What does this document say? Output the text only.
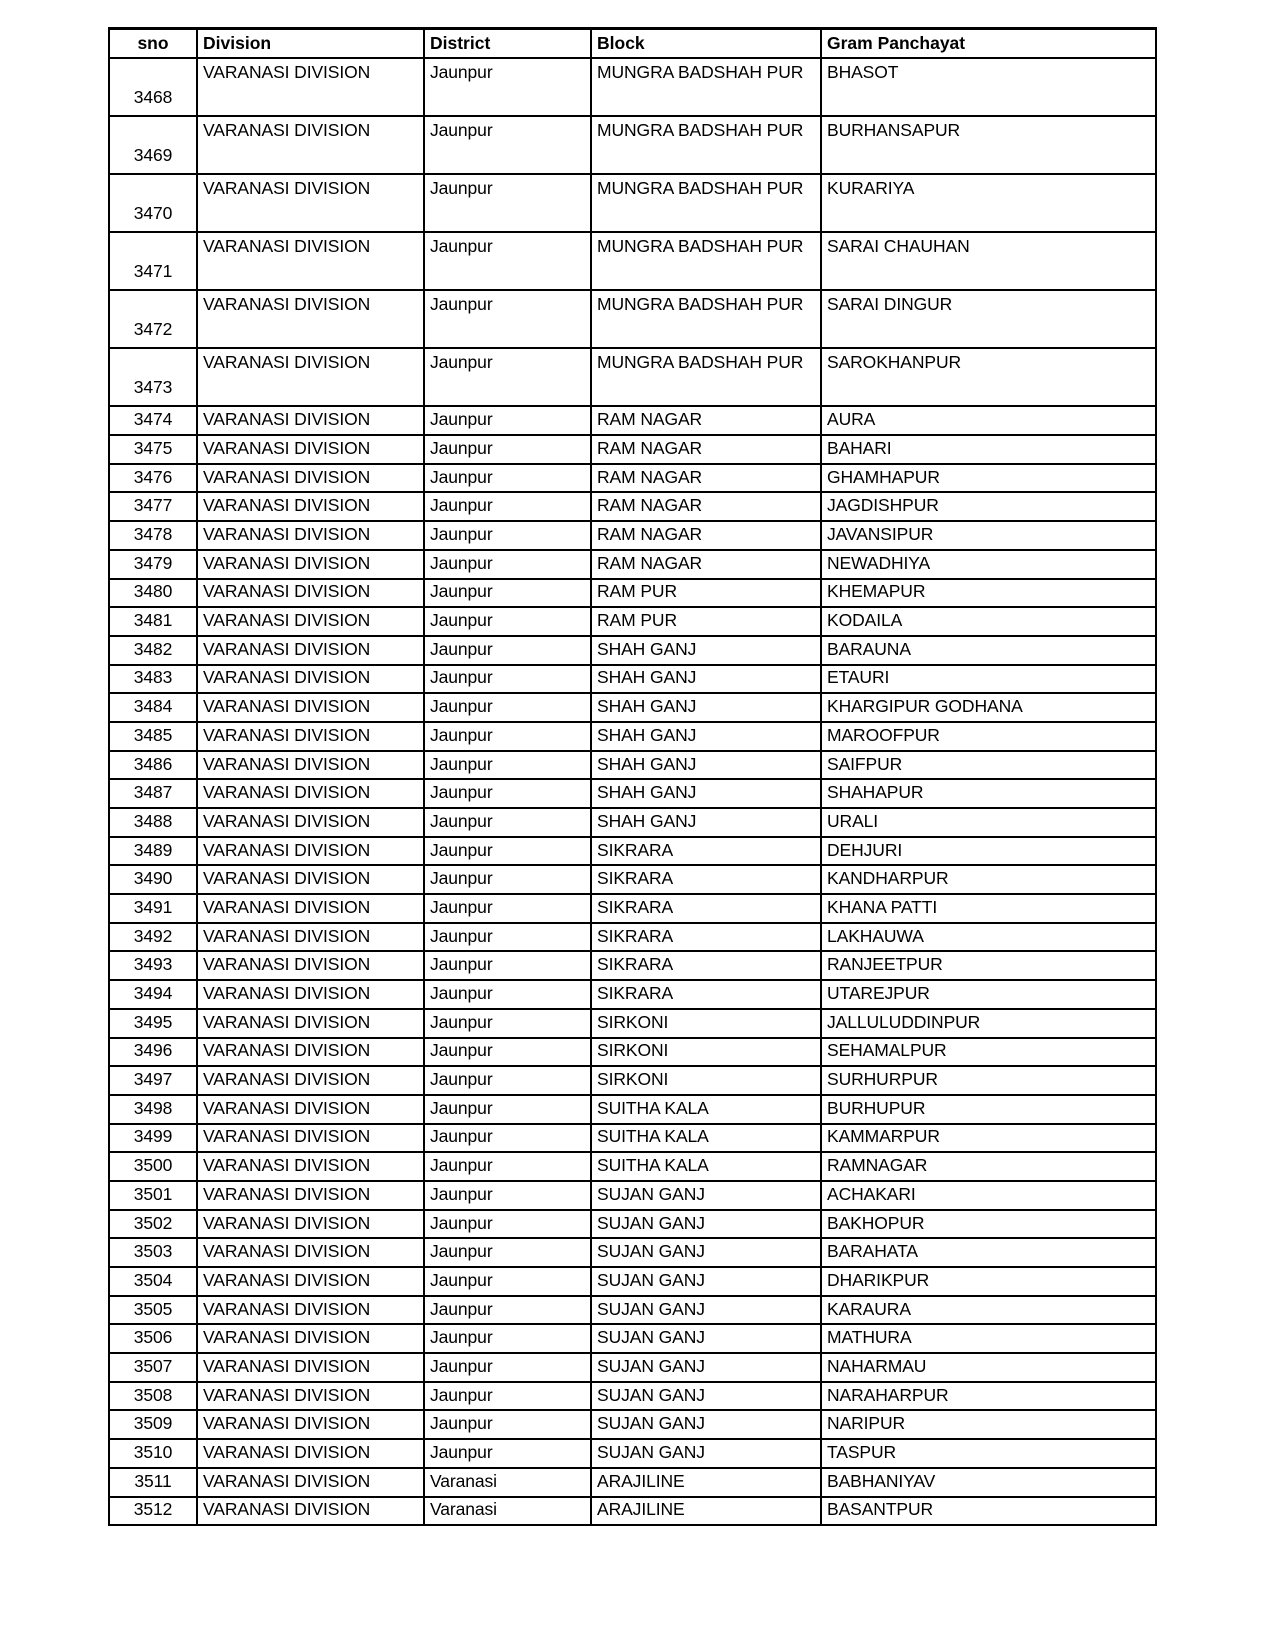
sno	Division	District	Block	Gram Panchayat
3468	VARANASI DIVISION	Jaunpur	MUNGRA BADSHAH PUR	BHASOT
3469	VARANASI DIVISION	Jaunpur	MUNGRA BADSHAH PUR	BURHANSAPUR
3470	VARANASI DIVISION	Jaunpur	MUNGRA BADSHAH PUR	KURARIYA
3471	VARANASI DIVISION	Jaunpur	MUNGRA BADSHAH PUR	SARAI CHAUHAN
3472	VARANASI DIVISION	Jaunpur	MUNGRA BADSHAH PUR	SARAI DINGUR
3473	VARANASI DIVISION	Jaunpur	MUNGRA BADSHAH PUR	SAROKHANPUR
3474	VARANASI DIVISION	Jaunpur	RAM NAGAR	AURA
3475	VARANASI DIVISION	Jaunpur	RAM NAGAR	BAHARI
3476	VARANASI DIVISION	Jaunpur	RAM NAGAR	GHAMHAPUR
3477	VARANASI DIVISION	Jaunpur	RAM NAGAR	JAGDISHPUR
3478	VARANASI DIVISION	Jaunpur	RAM NAGAR	JAVANSIPUR
3479	VARANASI DIVISION	Jaunpur	RAM NAGAR	NEWADHIYA
3480	VARANASI DIVISION	Jaunpur	RAM PUR	KHEMAPUR
3481	VARANASI DIVISION	Jaunpur	RAM PUR	KODAILA
3482	VARANASI DIVISION	Jaunpur	SHAH GANJ	BARAUNA
3483	VARANASI DIVISION	Jaunpur	SHAH GANJ	ETAURI
3484	VARANASI DIVISION	Jaunpur	SHAH GANJ	KHARGIPUR GODHANA
3485	VARANASI DIVISION	Jaunpur	SHAH GANJ	MAROOFPUR
3486	VARANASI DIVISION	Jaunpur	SHAH GANJ	SAIFPUR
3487	VARANASI DIVISION	Jaunpur	SHAH GANJ	SHAHAPUR
3488	VARANASI DIVISION	Jaunpur	SHAH GANJ	URALI
3489	VARANASI DIVISION	Jaunpur	SIKRARA	DEHJURI
3490	VARANASI DIVISION	Jaunpur	SIKRARA	KANDHARPUR
3491	VARANASI DIVISION	Jaunpur	SIKRARA	KHANA PATTI
3492	VARANASI DIVISION	Jaunpur	SIKRARA	LAKHAUWA
3493	VARANASI DIVISION	Jaunpur	SIKRARA	RANJEETPUR
3494	VARANASI DIVISION	Jaunpur	SIKRARA	UTAREJPUR
3495	VARANASI DIVISION	Jaunpur	SIRKONI	JALLULUDDINPUR
3496	VARANASI DIVISION	Jaunpur	SIRKONI	SEHAMALPUR
3497	VARANASI DIVISION	Jaunpur	SIRKONI	SURHURPUR
3498	VARANASI DIVISION	Jaunpur	SUITHA KALA	BURHUPUR
3499	VARANASI DIVISION	Jaunpur	SUITHA KALA	KAMMARPUR
3500	VARANASI DIVISION	Jaunpur	SUITHA KALA	RAMNAGAR
3501	VARANASI DIVISION	Jaunpur	SUJAN GANJ	ACHAKARI
3502	VARANASI DIVISION	Jaunpur	SUJAN GANJ	BAKHOPUR
3503	VARANASI DIVISION	Jaunpur	SUJAN GANJ	BARAHATA
3504	VARANASI DIVISION	Jaunpur	SUJAN GANJ	DHARIKPUR
3505	VARANASI DIVISION	Jaunpur	SUJAN GANJ	KARAURA
3506	VARANASI DIVISION	Jaunpur	SUJAN GANJ	MATHURA
3507	VARANASI DIVISION	Jaunpur	SUJAN GANJ	NAHARMAU
3508	VARANASI DIVISION	Jaunpur	SUJAN GANJ	NARAHARPUR
3509	VARANASI DIVISION	Jaunpur	SUJAN GANJ	NARIPUR
3510	VARANASI DIVISION	Jaunpur	SUJAN GANJ	TASPUR
3511	VARANASI DIVISION	Varanasi	ARAJILINE	BABHANIYAV
3512	VARANASI DIVISION	Varanasi	ARAJILINE	BASANTPUR
